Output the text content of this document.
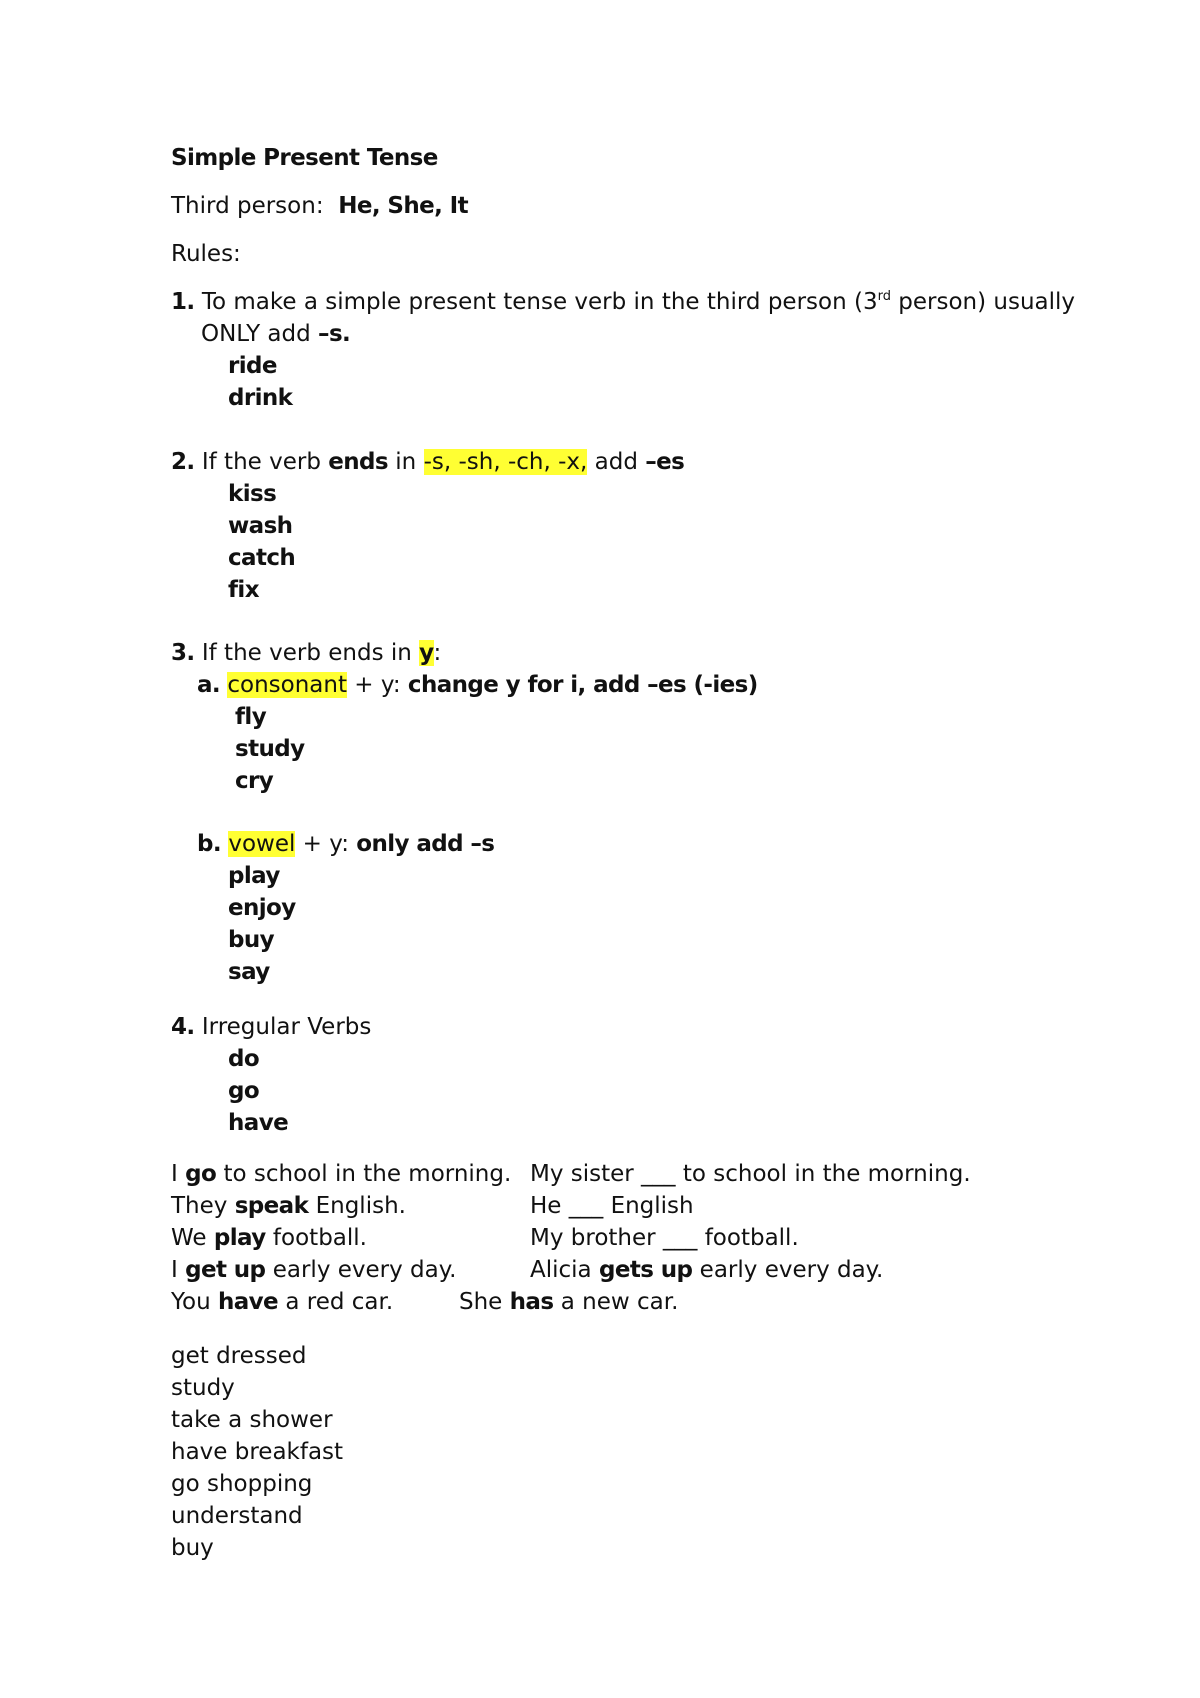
Simple Present Tense
Third person: He, She, It
Rules:
1. To make a simple present tense verb in the third person (3rd person) usually
ONLY add –s.
ride
drink
2. If the verb ends in -s, -sh, -ch, -x, add –es
kiss
wash
catch
fix
3. If the verb ends in y:
a. consonant + y: change y for i, add –es (-ies)
fly
study
cry
b. vowel + y: only add –s
play
enjoy
buy
say
4. Irregular Verbs
do
go
have
I go to school in the morning. My sister ___ to school in the morning.
They speak English.	He ___ English
We play football.	My brother ___ football.
I get up early every day.	Alicia gets up early every day.
You have a red car.	She has a new car.
get dressed
study
take a shower
have breakfast
go shopping
understand
buy
